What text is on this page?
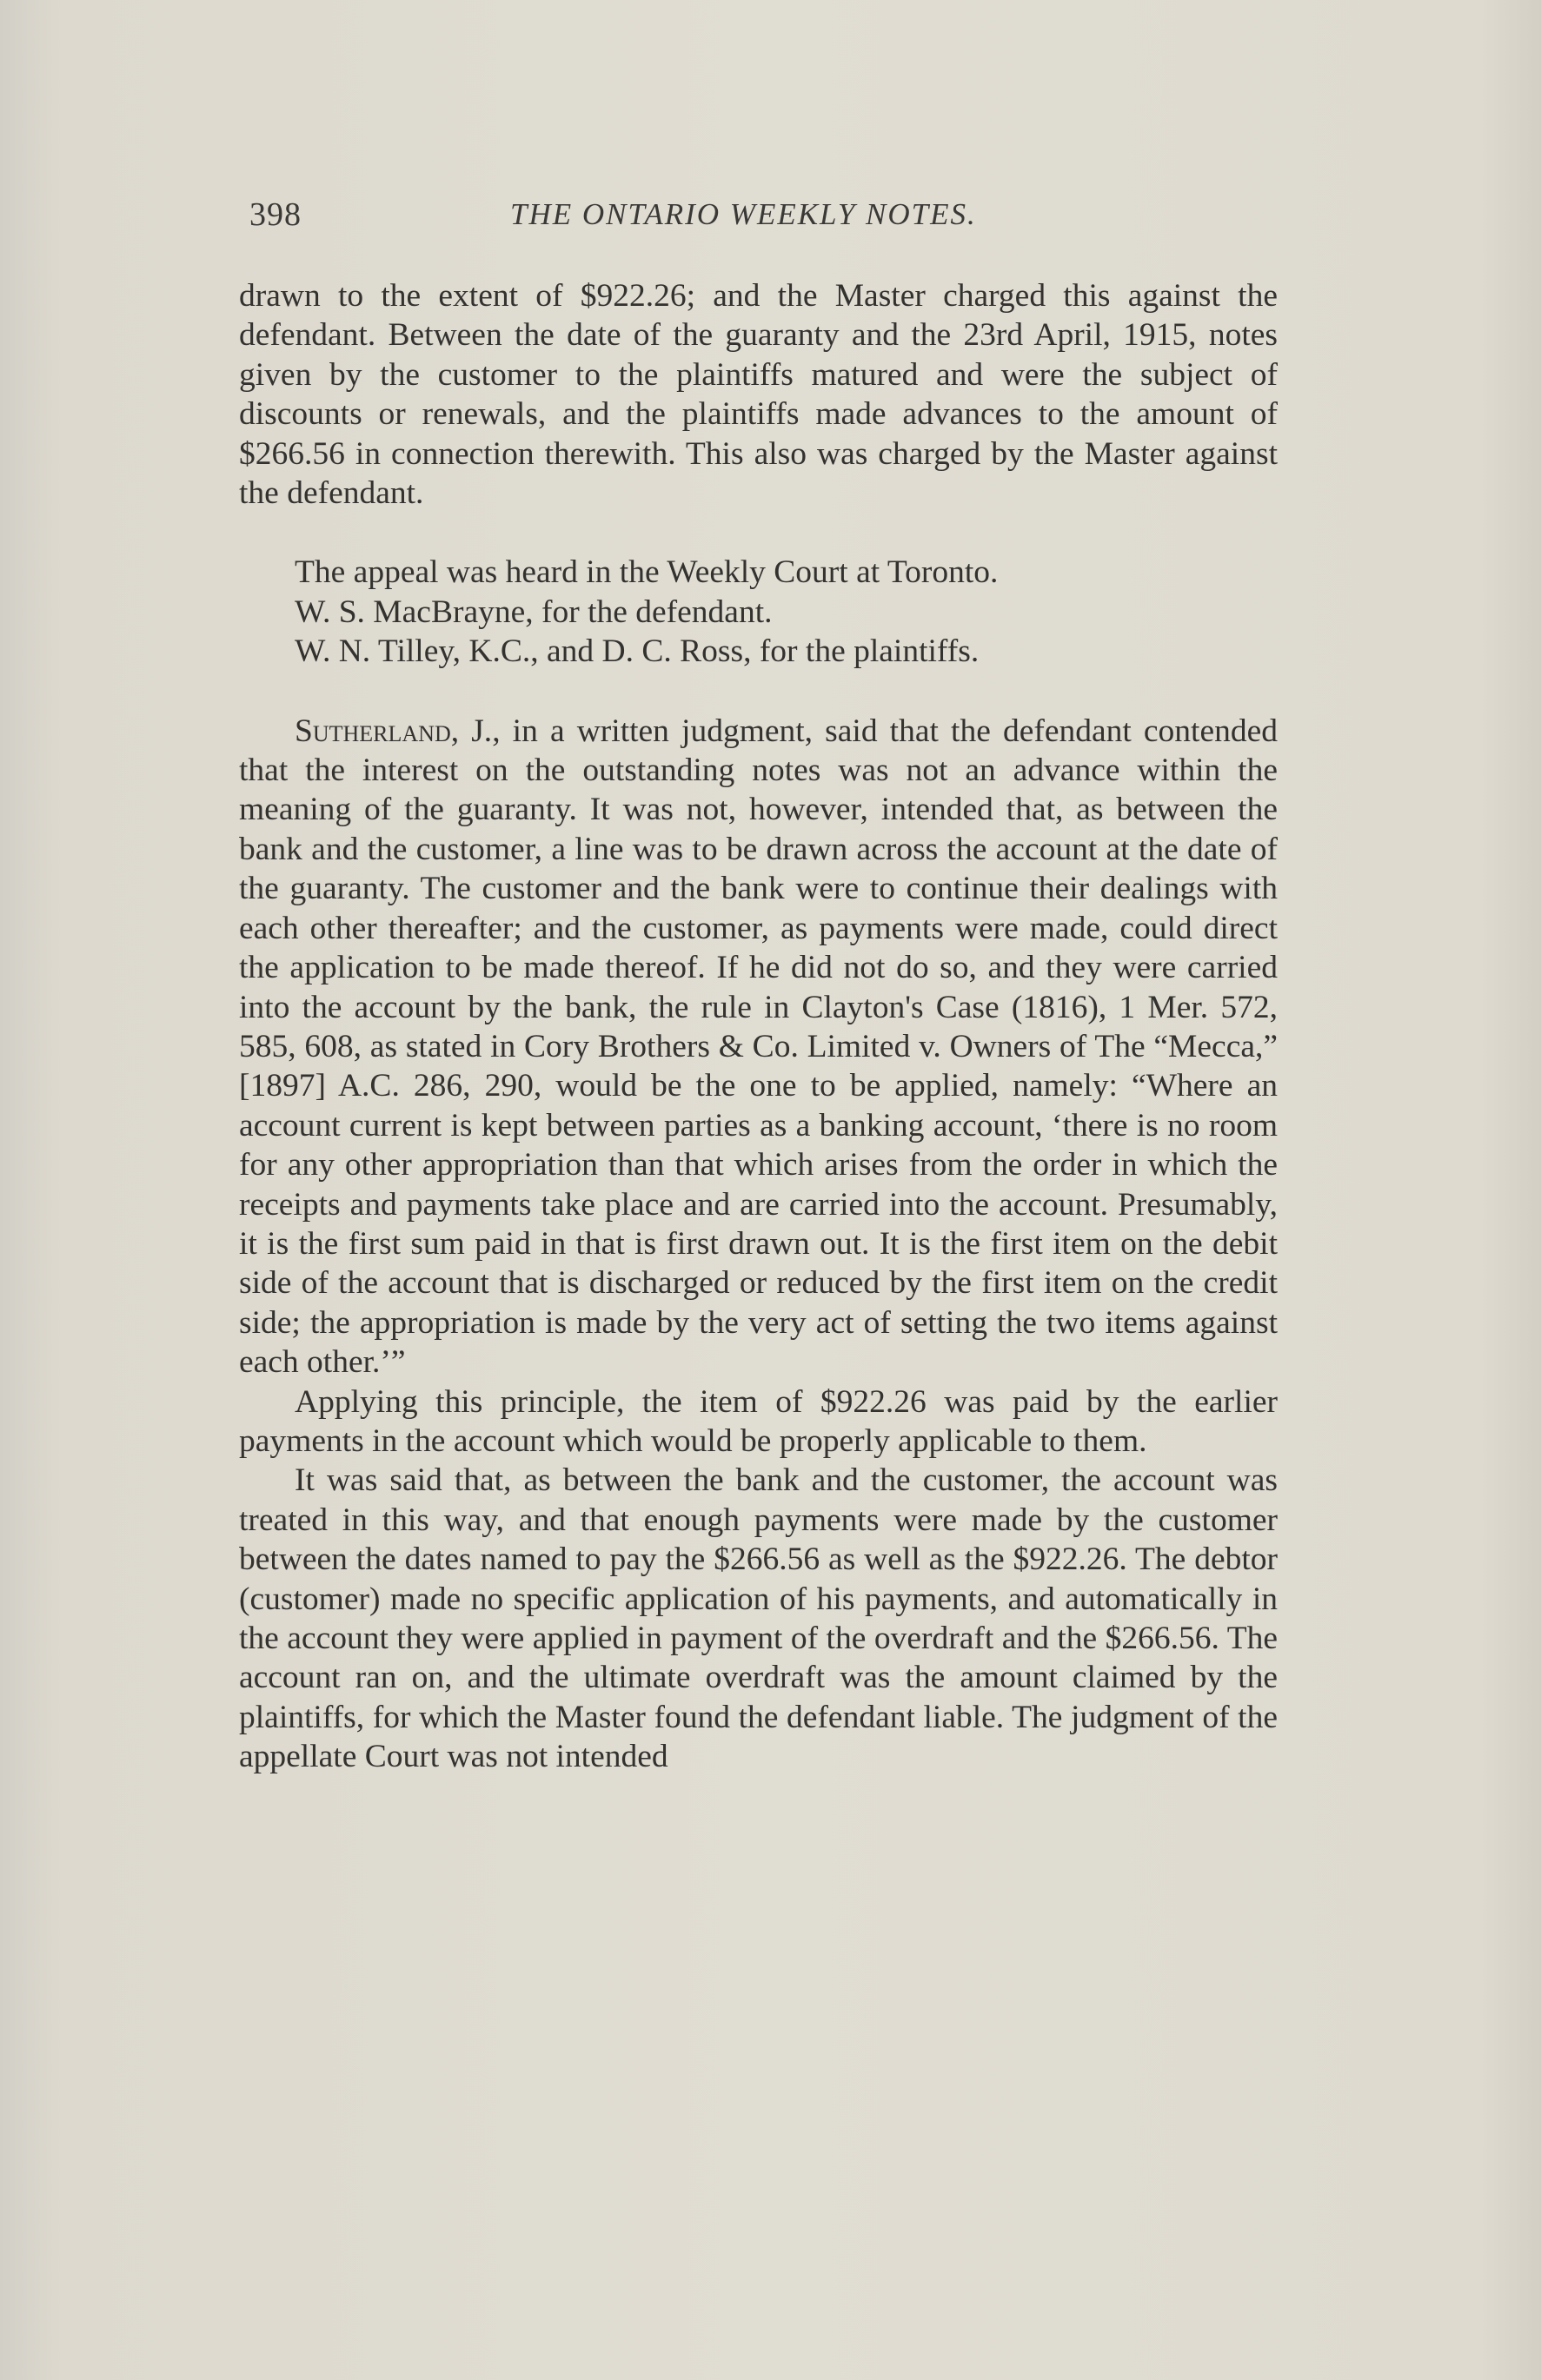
398	THE ONTARIO WEEKLY NOTES.

drawn to the extent of $922.26; and the Master charged this against the defendant. Between the date of the guaranty and the 23rd April, 1915, notes given by the customer to the plaintiffs matured and were the subject of discounts or renewals, and the plaintiffs made advances to the amount of $266.56 in connection therewith. This also was charged by the Master against the defendant.

The appeal was heard in the Weekly Court at Toronto.

W. S. MacBrayne, for the defendant.

W. N. Tilley, K.C., and D. C. Ross, for the plaintiffs.

Sutherland, J., in a written judgment, said that the defendant contended that the interest on the outstanding notes was not an advance within the meaning of the guaranty. It was not, however, intended that, as between the bank and the customer, a line was to be drawn across the account at the date of the guaranty. The customer and the bank were to continue their dealings with each other thereafter; and the customer, as payments were made, could direct the application to be made thereof. If he did not do so, and they were carried into the account by the bank, the rule in Clayton's Case (1816), 1 Mer. 572, 585, 608, as stated in Cory Brothers & Co. Limited v. Owners of The “Mecca,” [1897] A.C. 286, 290, would be the one to be applied, namely: “Where an account current is kept between parties as a banking account, ‘there is no room for any other appropriation than that which arises from the order in which the receipts and payments take place and are carried into the account. Presumably, it is the first sum paid in that is first drawn out. It is the first item on the debit side of the account that is discharged or reduced by the first item on the credit side; the appropriation is made by the very act of setting the two items against each other.’”

Applying this principle, the item of $922.26 was paid by the earlier payments in the account which would be properly applicable to them.

It was said that, as between the bank and the customer, the account was treated in this way, and that enough payments were made by the customer between the dates named to pay the $266.56 as well as the $922.26. The debtor (customer) made no specific application of his payments, and automatically in the account they were applied in payment of the overdraft and the $266.56. The account ran on, and the ultimate overdraft was the amount claimed by the plaintiffs, for which the Master found the defendant liable. The judgment of the appellate Court was not intended
